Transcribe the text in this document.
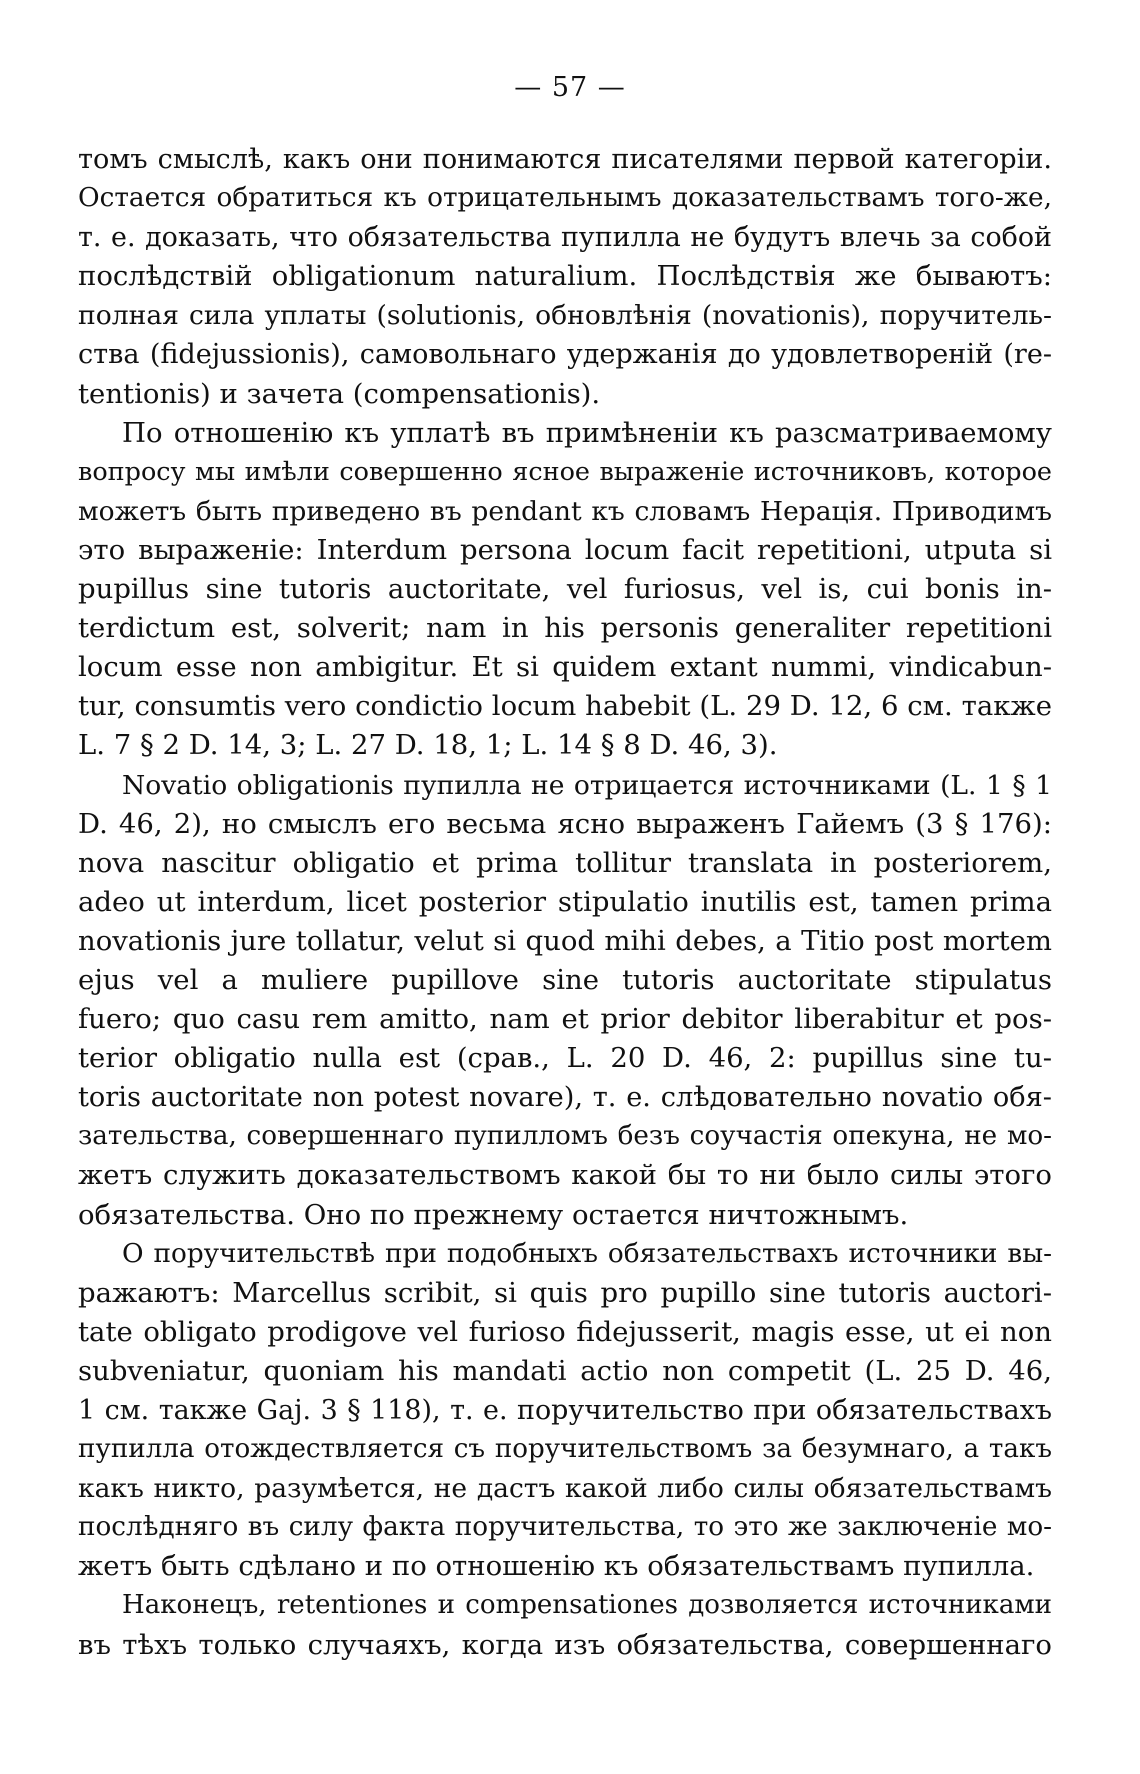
— 57 —
томъ смыслѣ, какъ они понимаются писателями первой категоріи.
Остается обратиться къ отрицательнымъ доказательствамъ того-же,
т. е. доказать, что обязательства пупилла не будутъ влечь за собой
послѣдствій obligationum naturalium. Послѣдствія же бываютъ:
полная сила уплаты (solutionis, обновлѣнія (novationis), поручитель-
ства (fidejussionis), самовольнаго удержанія до удовлетвореній (re-
tentionis) и зачета (compensationis).
По отношенію къ уплатѣ въ примѣненіи къ разсматриваемому
вопросу мы имѣли совершенно ясное выраженіе источниковъ, которое
можетъ быть приведено въ pendant къ словамъ Нерація. Приводимъ
это выраженіе: Interdum persona locum facit repetitioni, utputa si
pupillus sine tutoris auctoritate, vel furiosus, vel is, cui bonis in-
terdictum est, solverit; nam in his personis generaliter repetitioni
locum esse non ambigitur. Et si quidem extant nummi, vindicabun-
tur, consumtis vero condictio locum habebit (L. 29 D. 12, 6 см. также
L. 7 § 2 D. 14, 3; L. 27 D. 18, 1; L. 14 § 8 D. 46, 3).
Novatio obligationis пупилла не отрицается источниками (L. 1 § 1
D. 46, 2), но смыслъ его весьма ясно выраженъ Гайемъ (3 § 176):
nova nascitur obligatio et prima tollitur translata in posteriorem,
adeo ut interdum, licet posterior stipulatio inutilis est, tamen prima
novationis jure tollatur, velut si quod mihi debes, a Titio post mortem
ejus vel a muliere pupillove sine tutoris auctoritate stipulatus
fuero; quo casu rem amitto, nam et prior debitor liberabitur et pos-
terior obligatio nulla est (срав., L. 20 D. 46, 2: pupillus sine tu-
toris auctoritate non potest novare), т. е. слѣдовательно novatio обя-
зательства, совершеннаго пупилломъ безъ соучастія опекуна, не мо-
жетъ служить доказательствомъ какой бы то ни было силы этого
обязательства. Оно по прежнему остается ничтожнымъ.
О поручительствѣ при подобныхъ обязательствахъ источники вы-
ражаютъ: Marcellus scribit, si quis pro pupillo sine tutoris auctori-
tate obligato prodigove vel furioso fidejusserit, magis esse, ut ei non
subveniatur, quoniam his mandati actio non competit (L. 25 D. 46,
1 см. также Gaj. 3 § 118), т. е. поручительство при обязательствахъ
пупилла отождествляется съ поручительствомъ за безумнаго, а такъ
какъ никто, разумѣется, не дастъ какой либо силы обязательствамъ
послѣдняго въ силу факта поручительства, то это же заключеніе мо-
жетъ быть сдѣлано и по отношенію къ обязательствамъ пупилла.
Наконецъ, retentiones и compensationes дозволяется источниками
въ тѣхъ только случаяхъ, когда изъ обязательства, совершеннаго
